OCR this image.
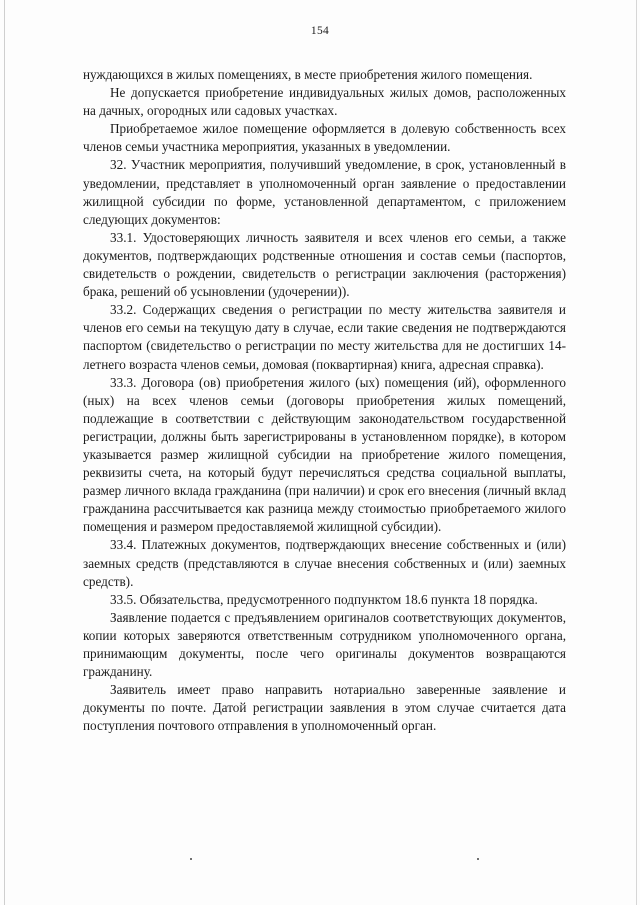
154

нуждающихся в жилых помещениях, в месте приобретения жилого помещения.

Не допускается приобретение индивидуальных жилых домов, расположенных на дачных, огородных или садовых участках.

Приобретаемое жилое помещение оформляется в долевую собственность всех членов семьи участника мероприятия, указанных в уведомлении.

32. Участник мероприятия, получивший уведомление, в срок, установленный в уведомлении, представляет в уполномоченный орган заявление о предоставлении жилищной субсидии по форме, установленной департаментом, с приложением следующих документов:

33.1. Удостоверяющих личность заявителя и всех членов его семьи, а также документов, подтверждающих родственные отношения и состав семьи (паспортов, свидетельств о рождении, свидетельств о регистрации заключения (расторжения) брака, решений об усыновлении (удочерении)).

33.2. Содержащих сведения о регистрации по месту жительства заявителя и членов его семьи на текущую дату в случае, если такие сведения не подтверждаются паспортом (свидетельство о регистрации по месту жительства для не достигших 14-летнего возраста членов семьи, домовая (поквартирная) книга, адресная справка).

33.3. Договора (ов) приобретения жилого (ых) помещения (ий), оформленного (ных) на всех членов семьи (договоры приобретения жилых помещений, подлежащие в соответствии с действующим законодательством государственной регистрации, должны быть зарегистрированы в установленном порядке), в котором указывается размер жилищной субсидии на приобретение жилого помещения, реквизиты счета, на который будут перечисляться средства социальной выплаты, размер личного вклада гражданина (при наличии) и срок его внесения (личный вклад гражданина рассчитывается как разница между стоимостью приобретаемого жилого помещения и размером предоставляемой жилищной субсидии).

33.4. Платежных документов, подтверждающих внесение собственных и (или) заемных средств (представляются в случае внесения собственных и (или) заемных средств).

33.5. Обязательства, предусмотренного подпунктом 18.6 пункта 18 порядка.

Заявление подается с предъявлением оригиналов соответствующих документов, копии которых заверяются ответственным сотрудником уполномоченного органа, принимающим документы, после чего оригиналы документов возвращаются гражданину.

Заявитель имеет право направить нотариально заверенные заявление и документы по почте. Датой регистрации заявления в этом случае считается дата поступления почтового отправления в уполномоченный орган.
